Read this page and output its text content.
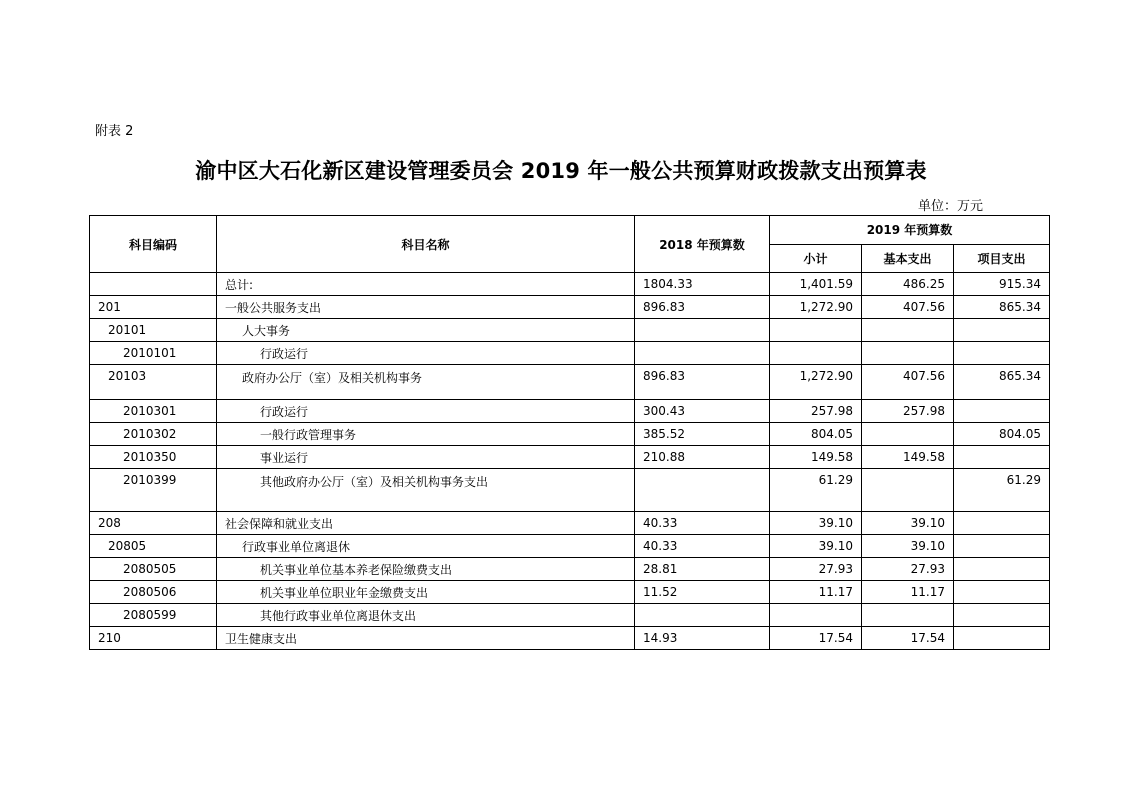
附表 2
渝中区大石化新区建设管理委员会 2019 年一般公共预算财政拨款支出预算表
单位：万元
科目编码	科目名称	2018 年预算数	2019 年预算数		
			小计	基本支出	项目支出
	总计:	1804.33	1,401.59	486.25	915.34
201	一般公共服务支出	896.83	1,272.90	407.56	865.34
20101	人大事务				
2010101	行政运行				
20103	政府办公厅（室）及相关机构事务	896.83	1,272.90	407.56	865.34
2010301	行政运行	300.43	257.98	257.98	
2010302	一般行政管理事务	385.52	804.05		804.05
2010350	事业运行	210.88	149.58	149.58	
2010399	其他政府办公厅（室）及相关机构事务支出		61.29		61.29
208	社会保障和就业支出	40.33	39.10	39.10	
20805	行政事业单位离退休	40.33	39.10	39.10	
2080505	机关事业单位基本养老保险缴费支出	28.81	27.93	27.93	
2080506	机关事业单位职业年金缴费支出	11.52	11.17	11.17	
2080599	其他行政事业单位离退休支出				
210	卫生健康支出	14.93	17.54	17.54	
